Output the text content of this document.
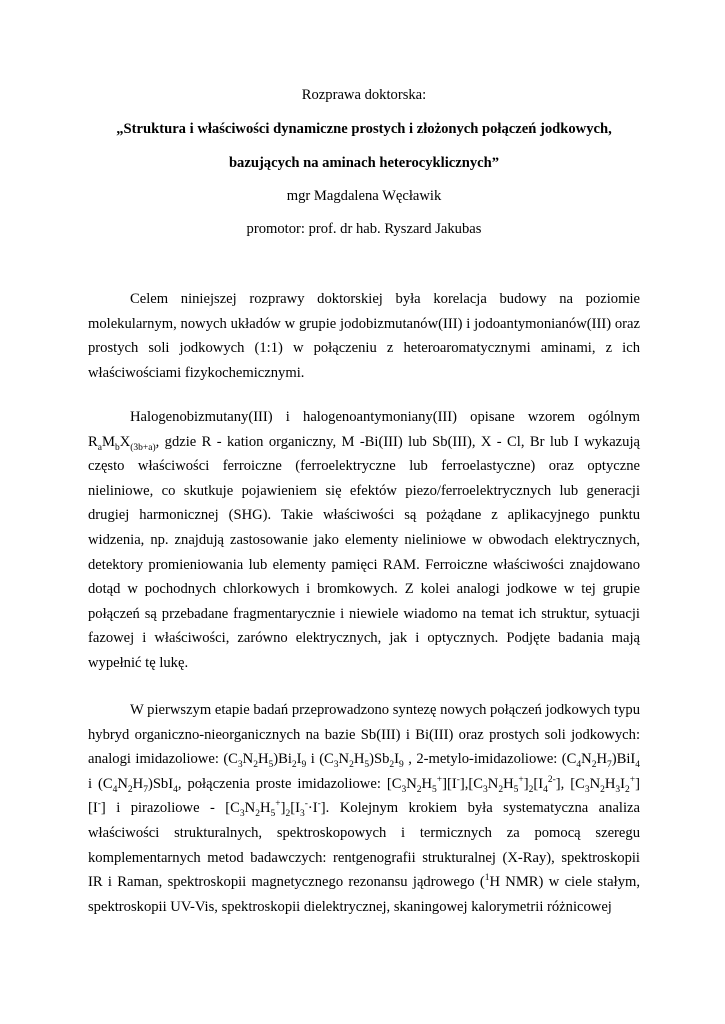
Rozprawa doktorska:
„Struktura i właściwości dynamiczne prostych i złożonych połączeń jodkowych,
bazujących na aminach heterocyklicznych”
mgr Magdalena Węcławik
promotor: prof. dr hab. Ryszard Jakubas

Celem niniejszej rozprawy doktorskiej była korelacja budowy na poziomie molekularnym, nowych układów w grupie jodobizmutanów(III) i jodoantymonianów(III) oraz prostych soli jodkowych (1:1) w połączeniu z heteroaromatycznymi aminami, z ich właściwościami fizykochemicznymi.

Halogenobizmutany(III) i halogenoantymoniany(III) opisane wzorem ogólnym $R_aM_bX_{(3b+a)}$, gdzie R - kation organiczny, M -Bi(III) lub Sb(III), X - Cl, Br lub I wykazują często właściwości ferroiczne (ferroelektryczne lub ferroelastyczne) oraz optyczne nieliniowe, co skutkuje pojawieniem się efektów piezo/ferroelektrycznych lub generacji drugiej harmonicznej (SHG). Takie właściwości są pożądane z aplikacyjnego punktu widzenia, np. znajdują zastosowanie jako elementy nieliniowe w obwodach elektrycznych, detektory promieniowania lub elementy pamięci RAM. Ferroiczne właściwości znajdowano dotąd w pochodnych chlorkowych i bromkowych. Z kolei analogi jodkowe w tej grupie połączeń są przebadane fragmentarycznie i niewiele wiadomo na temat ich struktur, sytuacji fazowej i właściwości, zarówno elektrycznych, jak i optycznych. Podjęte badania mają wypełnić tę lukę.

W pierwszym etapie badań przeprowadzono syntezę nowych połączeń jodkowych typu hybryd organiczno-nieorganicznych na bazie Sb(III) i Bi(III) oraz prostych soli jodkowych: analogi imidazoliowe: $(C_3N_2H_5)Bi_2I_9$ i $(C_3N_2H_5)Sb_2I_9$ , 2-metylo-imidazoliowe: $(C_4N_2H_7)BiI_4$ i $(C_4N_2H_7)SbI_4$, połączenia proste imidazoliowe: $[C_3N_2H_5^+][I^-],[C_3N_2H_5^+]_2[I_4^{2-}]$, $[C_3N_2H_3I_2^+][I^-]$ i pirazoliowe - $[C_3N_2H_5^+]_2[I_3^-\cdot I^-]$. Kolejnym krokiem była systematyczna analiza właściwości strukturalnych, spektroskopowych i termicznych za pomocą szeregu komplementarnych metod badawczych: rentgenografii strukturalnej (X-Ray), spektroskopii IR i Raman, spektroskopii magnetycznego rezonansu jądrowego ($^1$H NMR) w ciele stałym, spektroskopii UV-Vis, spektroskopii dielektrycznej, skaningowej kalorymetrii różnicowej
